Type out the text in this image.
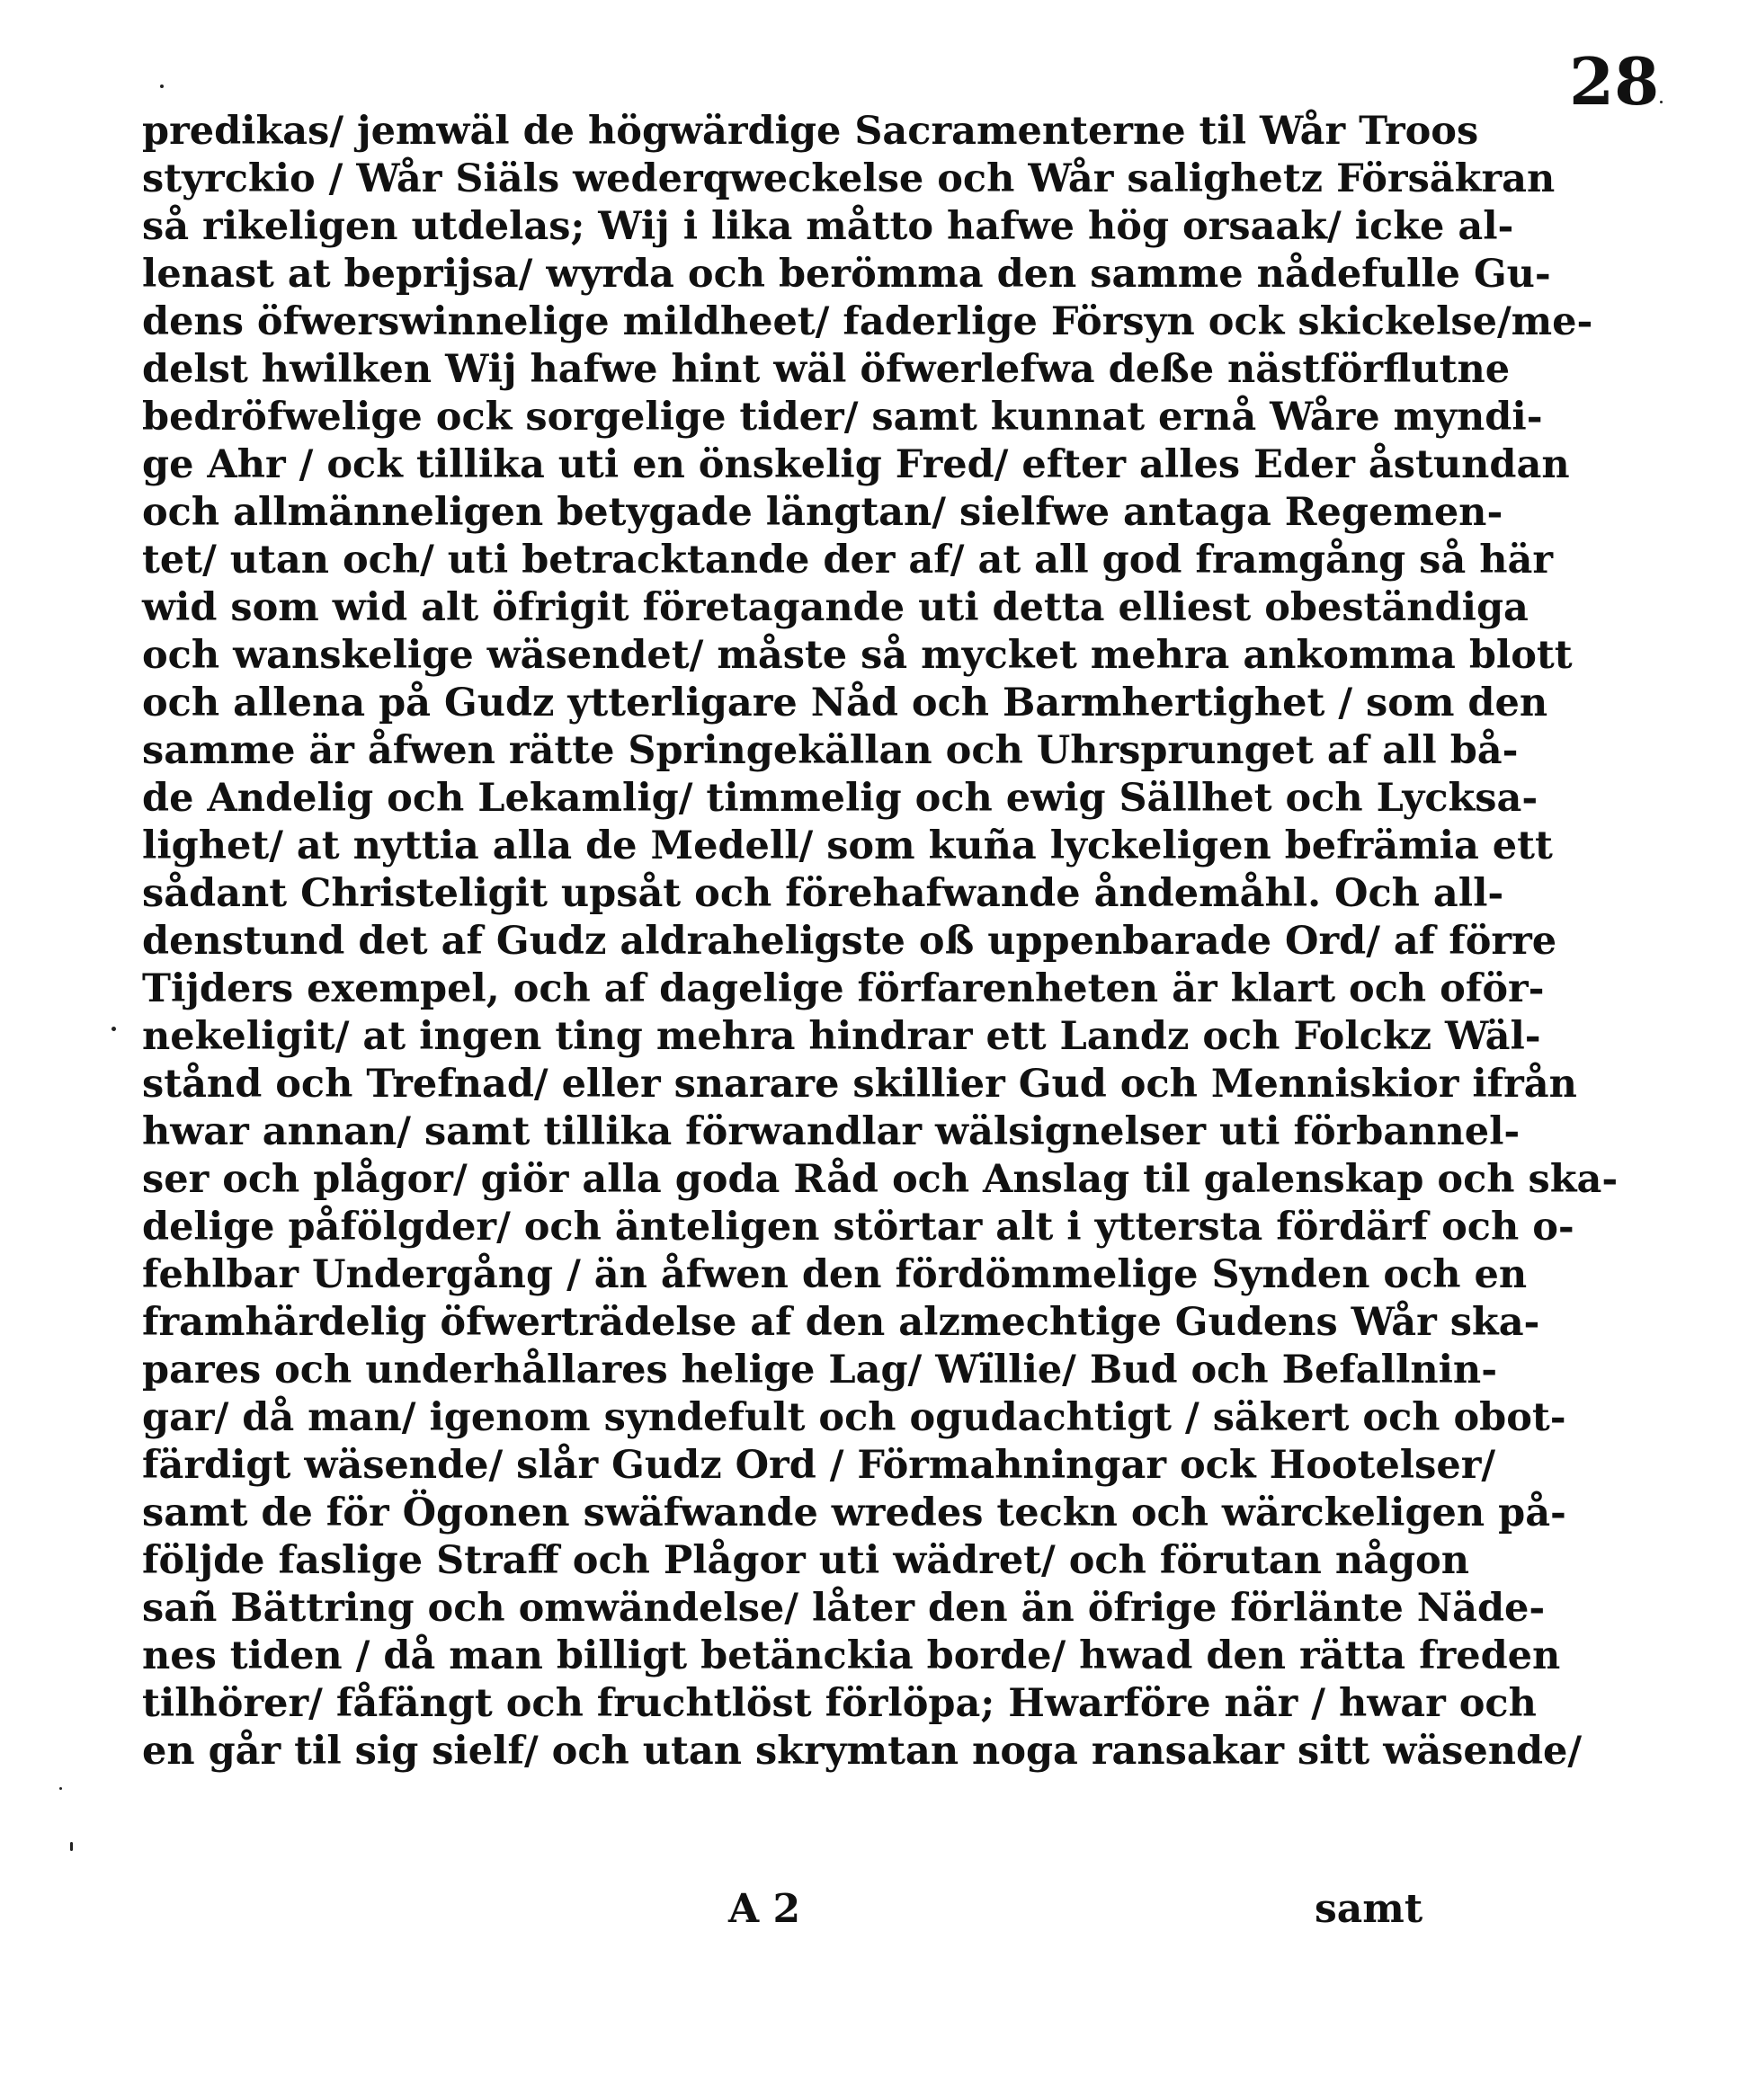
28
predikas/ jemwäl de högwärdige Sacramenterne til Wår Troos
styrckio / Wår Siäls wederqweckelse och Wår salighetz Försäkran
så rikeligen utdelas; Wij i lika måtto hafwe hög orsaak/ icke al-
lenast at beprijsa/ wyrda och berömma den samme nådefulle Gu-
dens öfwerswinnelige mildheet/ faderlige Försyn ock skickelse/me-
delst hwilken Wij hafwe hint wäl öfwerlefwa deße nästförflutne
bedröfwelige ock sorgelige tider/ samt kunnat ernå Wåre myndi-
ge Ahr / ock tillika uti en önskelig Fred/ efter alles Eder åstundan
och allmänneligen betygade längtan/ sielfwe antaga Regemen-
tet/ utan och/ uti betracktande der af/ at all god framgång så här
wid som wid alt öfrigit företagande uti detta elliest obeständiga
och wanskelige wäsendet/ måste så mycket mehra ankomma blott
och allena på Gudz ytterligare Nåd och Barmhertighet / som den
samme är åfwen rätte Springekällan och Uhrsprunget af all bå-
de Andelig och Lekamlig/ timmelig och ewig Sällhet och Lycksa-
lighet/ at nyttia alla de Medell/ som kuña lyckeligen befrämia ett
sådant Christeligit upsåt och förehafwande åndemåhl. Och all-
denstund det af Gudz aldraheligste oß uppenbarade Ord/ af förre
Tijders exempel, och af dagelige förfarenheten är klart och oför-
nekeligit/ at ingen ting mehra hindrar ett Landz och Folckz Wäl-
stånd och Trefnad/ eller snarare skillier Gud och Menniskior ifrån
hwar annan/ samt tillika förwandlar wälsignelser uti förbannel-
ser och plågor/ giör alla goda Råd och Anslag til galenskap och ska-
delige påfölgder/ och änteligen störtar alt i yttersta fördärf och o-
fehlbar Undergång / än åfwen den fördömmelige Synden och en
framhärdelig öfwerträdelse af den alzmechtige Gudens Wår ska-
pares och underhållares helige Lag/ Wïllie/ Bud och Befallnin-
gar/ då man/ igenom syndefult och ogudachtigt / säkert och obot-
färdigt wäsende/ slår Gudz Ord / Förmahningar ock Hootelser/
samt de för Ögonen swäfwande wredes teckn och wärckeligen på-
följde faslige Straff och Plågor uti wädret/ och förutan någon
sañ Bättring och omwändelse/ låter den än öfrige förlänte Näde-
nes tiden / då man billigt betänckia borde/ hwad den rätta freden
tilhörer/ fåfängt och fruchtlöst förlöpa; Hwarföre när / hwar och
en går til sig sielf/ och utan skrymtan noga ransakar sitt wäsende/
A 2	samt
